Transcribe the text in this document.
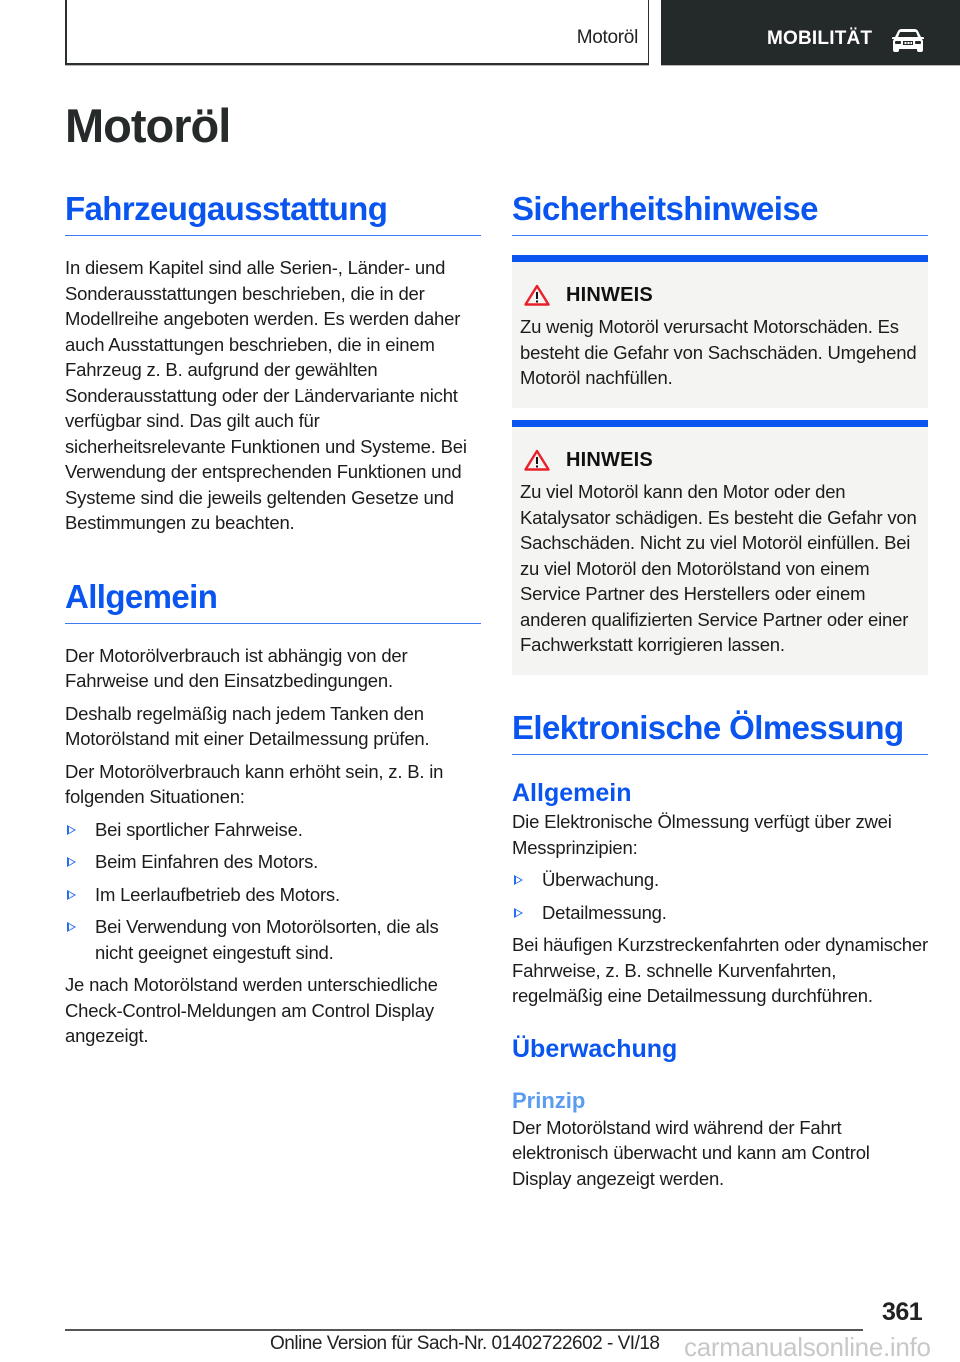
Motoröl	MOBILITÄT
Motoröl
Fahrzeugausstattung
In diesem Kapitel sind alle Serien-, Länder- und Sonderausstattungen beschrieben, die in der Modellreihe angeboten werden. Es werden daher auch Ausstattungen beschrieben, die in einem Fahrzeug z. B. aufgrund der gewählten Sonderausstattung oder der Ländervariante nicht verfügbar sind. Das gilt auch für sicherheitsrelevante Funktionen und Systeme. Bei Verwendung der entsprechenden Funktionen und Systeme sind die jeweils geltenden Gesetze und Bestimmungen zu beachten.
Allgemein
Der Motorölverbrauch ist abhängig von der Fahrweise und den Einsatzbedingungen.
Deshalb regelmäßig nach jedem Tanken den Motorölstand mit einer Detailmessung prüfen.
Der Motorölverbrauch kann erhöht sein, z. B. in folgenden Situationen:
Bei sportlicher Fahrweise.
Beim Einfahren des Motors.
Im Leerlaufbetrieb des Motors.
Bei Verwendung von Motorölsorten, die als nicht geeignet eingestuft sind.
Je nach Motorölstand werden unterschiedliche Check-Control-Meldungen am Control Display angezeigt.
Sicherheitshinweise
HINWEIS
Zu wenig Motoröl verursacht Motorschäden. Es besteht die Gefahr von Sachschäden. Umgehend Motoröl nachfüllen.
HINWEIS
Zu viel Motoröl kann den Motor oder den Katalysator schädigen. Es besteht die Gefahr von Sachschäden. Nicht zu viel Motoröl einfüllen. Bei zu viel Motoröl den Motorölstand von einem Service Partner des Herstellers oder einem anderen qualifizierten Service Partner oder einer Fachwerkstatt korrigieren lassen.
Elektronische Ölmessung
Allgemein
Die Elektronische Ölmessung verfügt über zwei Messprinzipien:
Überwachung.
Detailmessung.
Bei häufigen Kurzstreckenfahrten oder dynamischer Fahrweise, z. B. schnelle Kurvenfahrten, regelmäßig eine Detailmessung durchführen.
Überwachung
Prinzip
Der Motorölstand wird während der Fahrt elektronisch überwacht und kann am Control Display angezeigt werden.
361
Online Version für Sach-Nr. 01402722602 - VI/18 carmanualsonline.info
